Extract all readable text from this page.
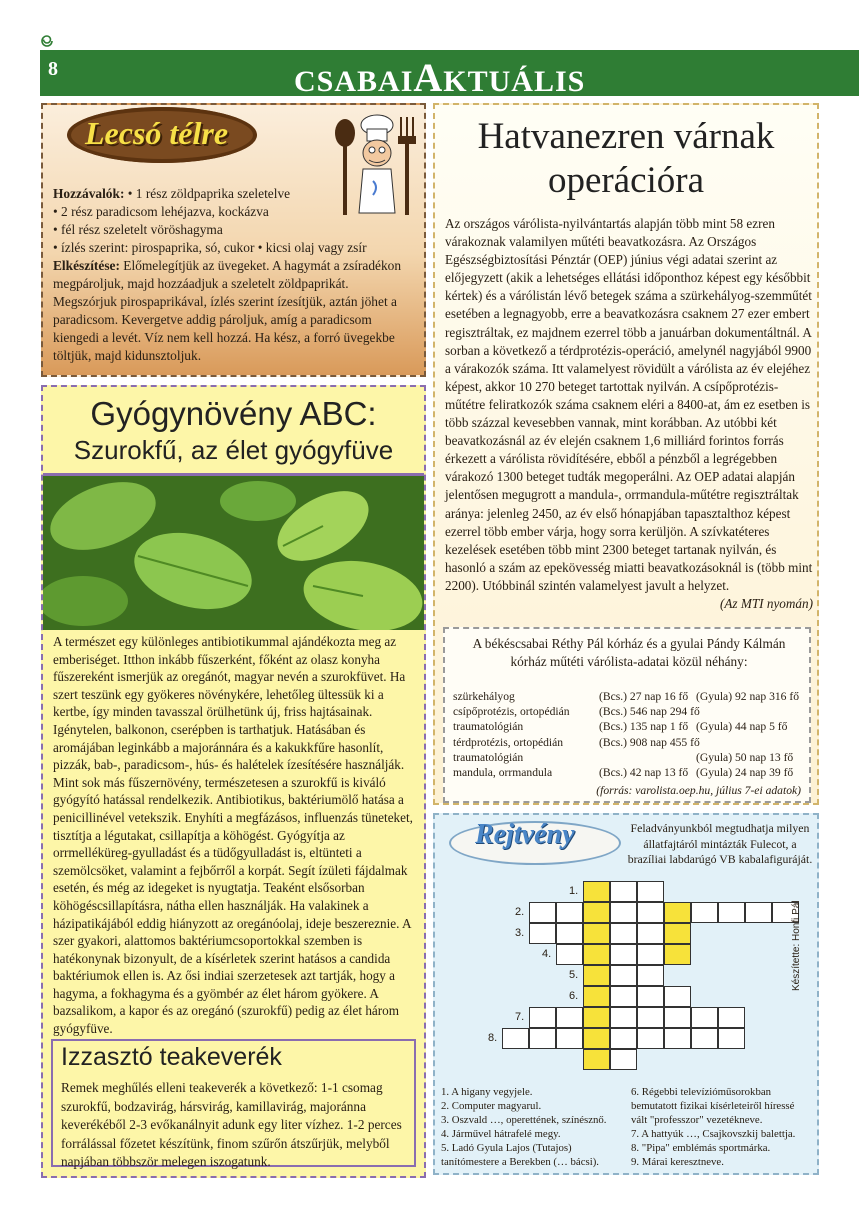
8	CSABAIAKTUÁLIS
Lecsó télre
Hozzávalók: • 1 rész zöldpaprika szeletelve
• 2 rész paradicsom lehéjazva, kockázva
• fél rész szeletelt vöröshagyma
• ízlés szerint: pirospaprika, só, cukor • kicsi olaj vagy zsír
Elkészítése: Előmelegítjük az üvegeket. A hagymát a zsíradékon megpároljuk, majd hozzáadjuk a szeletelt zöldpaprikát. Megszórjuk pirospaprikával, ízlés szerint ízesítjük, aztán jöhet a paradicsom. Kevergetve addig pároljuk, amíg a paradicsom kiengedi a levét. Víz nem kell hozzá. Ha kész, a forró üvegekbe töltjük, majd kidunsztoljuk.
Gyógynövény ABC:
Szurokfű, az élet gyógyfüve
A természet egy különleges antibiotikummal ajándékozta meg az emberiséget. Itthon inkább fűszerként, főként az olasz konyha fűszereként ismerjük az oregánót, magyar nevén a szurokfüvet. Ha szert teszünk egy gyökeres növénykére, lehetőleg ültessük ki a kertbe, így minden tavasszal örülhetünk új, friss hajtásainak. Igénytelen, balkonon, cserépben is tarthatjuk. Hatásában és aromájában leginkább a majoránnára és a kakukkfűre hasonlít, pizzák, bab-, paradicsom-, hús- és halételek ízesítésére használják. Mint sok más fűszernövény, természetesen a szurokfű is kiváló gyógyító hatással rendelkezik. Antibiotikus, baktériumölő hatása a penicillinével vetekszik. Enyhíti a megfázásos, influenzás tüneteket, tisztítja a légutakat, csillapítja a köhögést. Gyógyítja az orrmelléküreg-gyulladást és a tüdőgyulladást is, eltünteti a szemölcsöket, valamint a fejbőrről a korpát. Segít ízületi fájdalmak esetén, és még az idegeket is nyugtatja. Teaként elsősorban köhögéscsillapításra, nátha ellen használják. Ha valakinek a házipatikájából eddig hiányzott az oregánóolaj, ideje beszereznie. A szer gyakori, alattomos baktériumcsoportokkal szemben is hatékonynak bizonyult, de a kísérletek szerint hatásos a candida baktériumok ellen is. Az ősi indiai szerzetesek azt tartják, hogy a hagyma, a fokhagyma és a gyömbér az élet három gyökere. A bazsalikom, a kapor és az oregánó (szurokfű) pedig az élet három gyógyfüve.
Izzasztó teakeverék
Remek meghűlés elleni teakeverék a következő: 1-1 csomag szurokfű, bodzavirág, hársvirág, kamillavirág, majoránna keverékéből 2-3 evőkanálnyit adunk egy liter vízhez. 1-2 perces forrálással főzetet készítünk, finom szűrőn átszűrjük, melyből napjában többször melegen iszogatunk.
Hatvanezren várnak operációra
Az országos várólista-nyilvántartás alapján több mint 58 ezren várakoznak valamilyen műtéti beavatkozásra. Az Országos Egészségbiztosítási Pénztár (OEP) június végi adatai szerint az előjegyzett (akik a lehetséges ellátási időponthoz képest egy későbbit kértek) és a várólistán lévő betegek száma a szürkehályog-szemműtét esetében a legnagyobb, erre a beavatkozásra csaknem 27 ezer embert regisztráltak, ez majdnem ezerrel több a januárban dokumentáltnál. A sorban a következő a térdprotézis-operáció, amelynél nagyjából 9900 a várakozók száma. Itt valamelyest rövidült a várólista az év elejéhez képest, akkor 10 270 beteget tartottak nyilván. A csípőprotézis-műtétre feliratkozók száma csaknem eléri a 8400-at, ám ez esetben is több százzal kevesebben vannak, mint korábban. Az utóbbi két beavatkozásnál az év elején csaknem 1,6 milliárd forintos forrás érkezett a várólista rövidítésére, ebből a pénzből a legrégebben várakozó 1300 beteget tudták megoperálni. Az OEP adatai alapján jelentősen megugrott a mandula-, orrmandula-műtétre regisztráltak aránya: jelenleg 2450, az év első hónapjában tapasztalthoz képest ezerrel több ember várja, hogy sorra kerüljön. A szívkatéteres kezelések esetében több mint 2300 beteget tartanak nyilván, és hasonló a szám az epekövesség miatti beavatkozásoknál is (több mint 2200). Utóbbinál szintén valamelyest javult a helyzet.
(Az MTI nyomán)
A békéscsabai Réthy Pál kórház és a gyulai Pándy Kálmán kórház műtéti várólista-adatai közül néhány:
szürkehályog	(Bcs.) 27 nap 16 fő (Gyula) 92 nap 316 fő
csípőprotézis, ortopédián	(Bcs.) 546 nap 294 fő
traumatológián	(Bcs.) 135 nap 1 fő (Gyula) 44 nap 5 fő
térdprotézis, ortopédián	(Bcs.) 908 nap 455 fő
traumatológián	(Gyula) 50 nap 13 fő
mandula, orrmandula	(Bcs.) 42 nap 13 fő (Gyula) 24 nap 39 fő
(forrás: varolista.oep.hu, július 7-ei adatok)
Rejtvény	Feladványunkból megtudhatja milyen állatfajtáról mintázták Fulecot, a brazíliai labdarúgó VB kabalafiguráját.
1.
2.
3.
4.
5.
6.
7.
8.
Készítette: Honfi Pál
1. A higany vegyjele.
2. Computer magyarul.
3. Oszvald …, operettének, színésznő.
4. Járművel hátrafelé megy.
5. Ladó Gyula Lajos (Tutajos) tanítómestere a Berekben (… bácsi).
6. Régebbi televízióműsorokban bemutatott fizikai kísérleteiről híressé vált "professzor" vezetékneve.
7. A hattyúk …, Csajkovszkij balettja.
8. "Pipa" emblémás sportmárka.
9. Márai keresztneve.
